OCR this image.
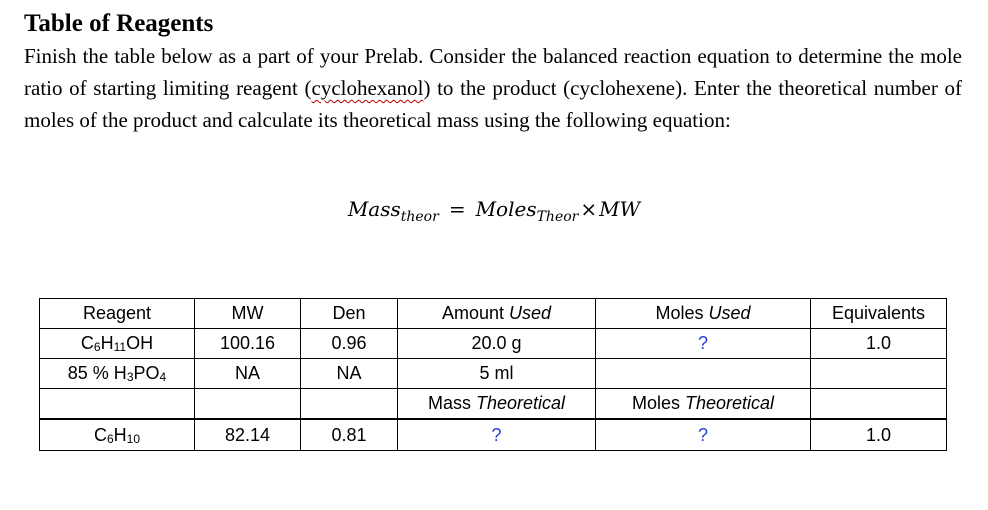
Table of Reagents

Finish the table below as a part of your Prelab. Consider the balanced reaction equation to determine the mole ratio of starting limiting reagent (cyclohexanol) to the product (cyclohexene). Enter the theoretical number of moles of the product and calculate its theoretical mass using the following equation:

Mass$_{theor}$ = Moles$_{Theor}$ × MW
Reagent	MW	Den	Amount Used	Moles Used	Equivalents
$C_6H_{11}OH$	100.16	0.96	20.0 g	?	1.0
85 % $H_3PO_4$	NA	NA	5 ml		
			Mass Theoretical	Moles Theoretical	
$C_6H_{10}$	82.14	0.81	?	?	1.0
